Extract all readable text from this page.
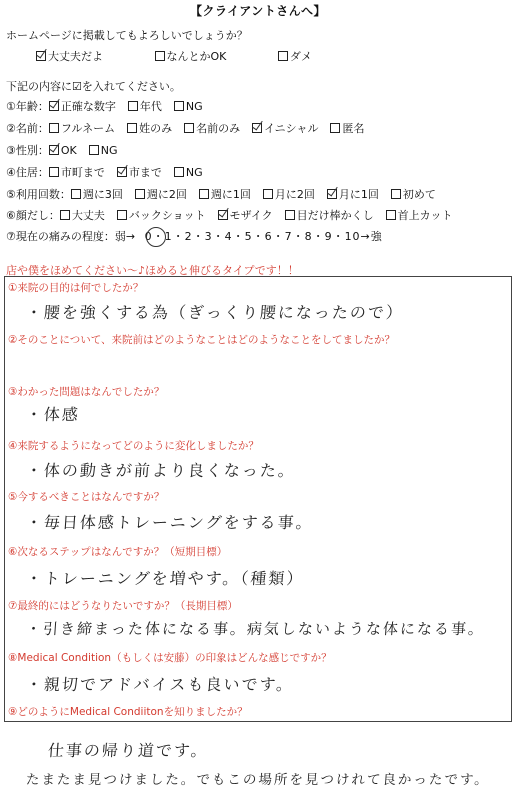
【クライアントさんへ】
ホームページに掲載してもよろしいでしょうか？
大丈夫だよ	なんとかOK	ダメ
下記の内容に☑を入れてください。
①年齢： 正確な数字 年代 NG
②名前： フルネーム 姓のみ 名前のみ イニシャル 匿名
③性別： OK NG
④住居： 市町まで 市まで NG
⑤利用回数： 週に3回 週に2回 週に1回 月に2回 月に1回 初めて
⑥顔だし： 大丈夫 バックショット モザイク 目だけ棒かくし 首上カット
⑦現在の痛みの程度：弱→ 0・1・2・3・4・5・6・7・8・9・10→強
店や僕をほめてください～♪ほめると伸びるタイプです！！
①来院の目的は何でしたか？
・腰を強くする為（ぎっくり腰になったので）
②そのことについて、来院前はどのようなことはどのようなことをしてましたか？
③わかった問題はなんでしたか？
・体感
④来院するようになってどのように変化しましたか？
・体の動きが前より良くなった。
⑤今するべきことはなんですか？
・毎日体感トレーニングをする事。
⑥次なるステップはなんですか？（短期目標）
・トレーニングを増やす。（種類）
⑦最終的にはどうなりたいですか？（長期目標）
・引き締まった体になる事。病気しないような体になる事。
⑧Medical Condition（もしくは安藤）の印象はどんな感じですか？
・親切でアドバイスも良いです。
⑨どのようにMedical Condiitonを知りましたか？
仕事の帰り道です。
たまたま見つけました。でもこの場所を見つけれて良かったです。
